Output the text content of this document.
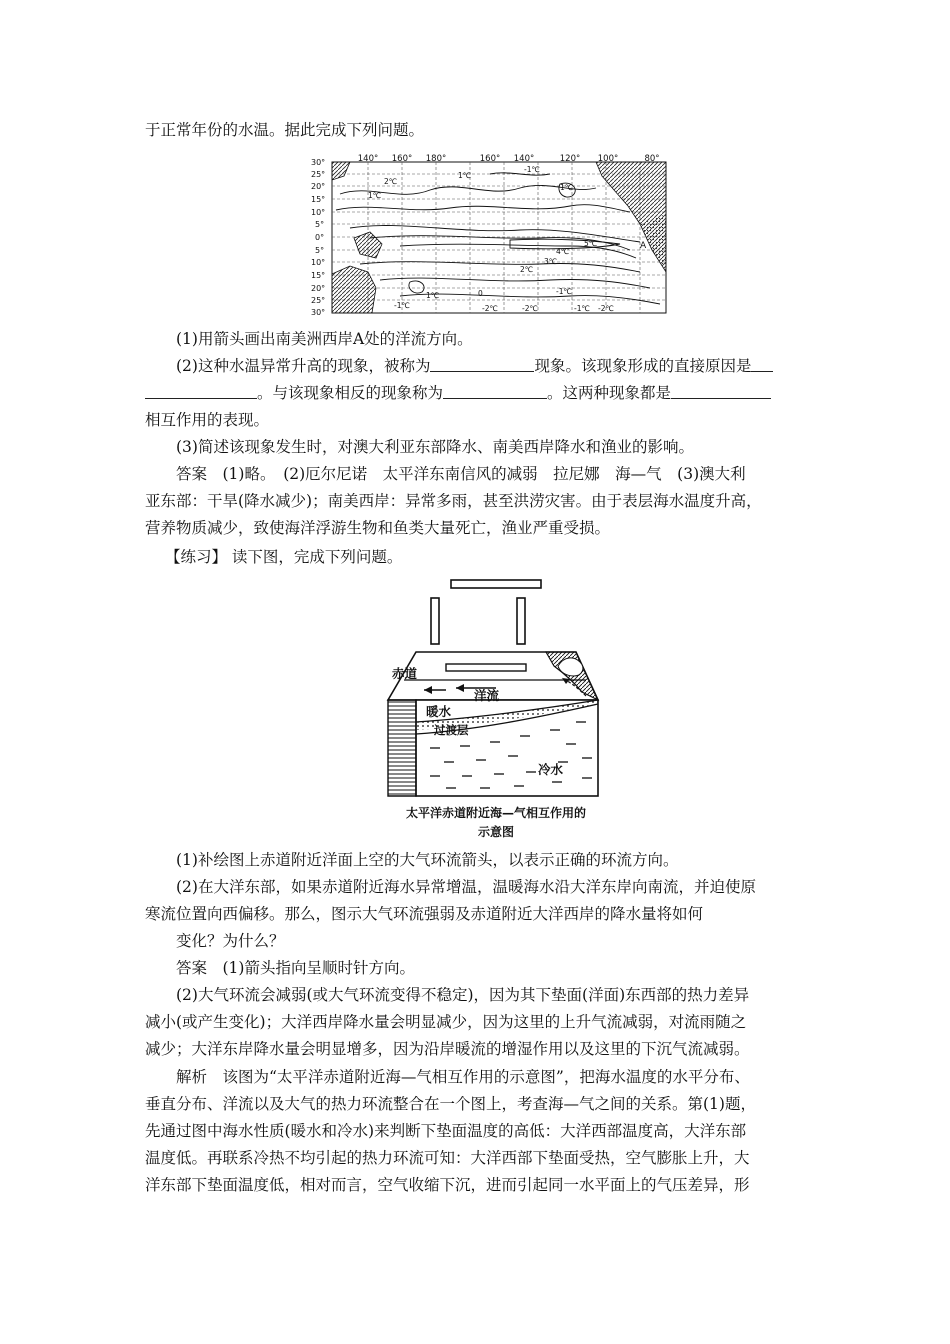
于正常年份的水温。据此完成下列问题。
140° 160° 180°	160° 140°	120° 100°	80°
30°
25°
20°
15°
10°
5°
0°
5°
10°
15°
20°
25°
30°
2℃
1℃
1℃
-1℃
1℃
5℃
4℃
3℃
2℃
-1℃
1℃	0
-1℃	-2℃	-2℃	-1℃ -2℃
A
(1)用箭头画出南美洲西岸A处的洋流方向。
(2)这种水温异常升高的现象，被称为	现象。该现象形成的直接原因是
。与该现象相反的现象称为	。这两种现象都是
相互作用的表现。
(3)简述该现象发生时，对澳大利亚东部降水、南美西岸降水和渔业的影响。
答案　(1)略。　(2)厄尔尼诺　太平洋东南信风的减弱　拉尼娜　海—气　(3)澳大利
亚东部：干旱(降水减少)；南美西岸：异常多雨，甚至洪涝灾害。由于表层海水温度升高，
营养物质减少，致使海洋浮游生物和鱼类大量死亡，渔业严重受损。
【练习】 读下图，完成下列问题。
赤道
洋流
暖水
过渡层
冷水
太平洋赤道附近海—气相互作用的
示意图
(1)补绘图上赤道附近洋面上空的大气环流箭头，以表示正确的环流方向。
(2)在大洋东部，如果赤道附近海水异常增温，温暖海水沿大洋东岸向南流，并迫使原
寒流位置向西偏移。那么，图示大气环流强弱及赤道附近大洋西岸的降水量将如何
变化？为什么？
答案　(1)箭头指向呈顺时针方向。
(2)大气环流会减弱(或大气环流变得不稳定)，因为其下垫面(洋面)东西部的热力差异
减小(或产生变化)；大洋西岸降水量会明显减少，因为这里的上升气流减弱，对流雨随之
减少；大洋东岸降水量会明显增多，因为沿岸暖流的增湿作用以及这里的下沉气流减弱。
解析　该图为“太平洋赤道附近海—气相互作用的示意图”，把海水温度的水平分布、
垂直分布、洋流以及大气的热力环流整合在一个图上，考查海—气之间的关系。第(1)题，
先通过图中海水性质(暖水和冷水)来判断下垫面温度的高低：大洋西部温度高，大洋东部
温度低。再联系冷热不均引起的热力环流可知：大洋西部下垫面受热，空气膨胀上升，大
洋东部下垫面温度低，相对而言，空气收缩下沉，进而引起同一水平面上的气压差异，形
